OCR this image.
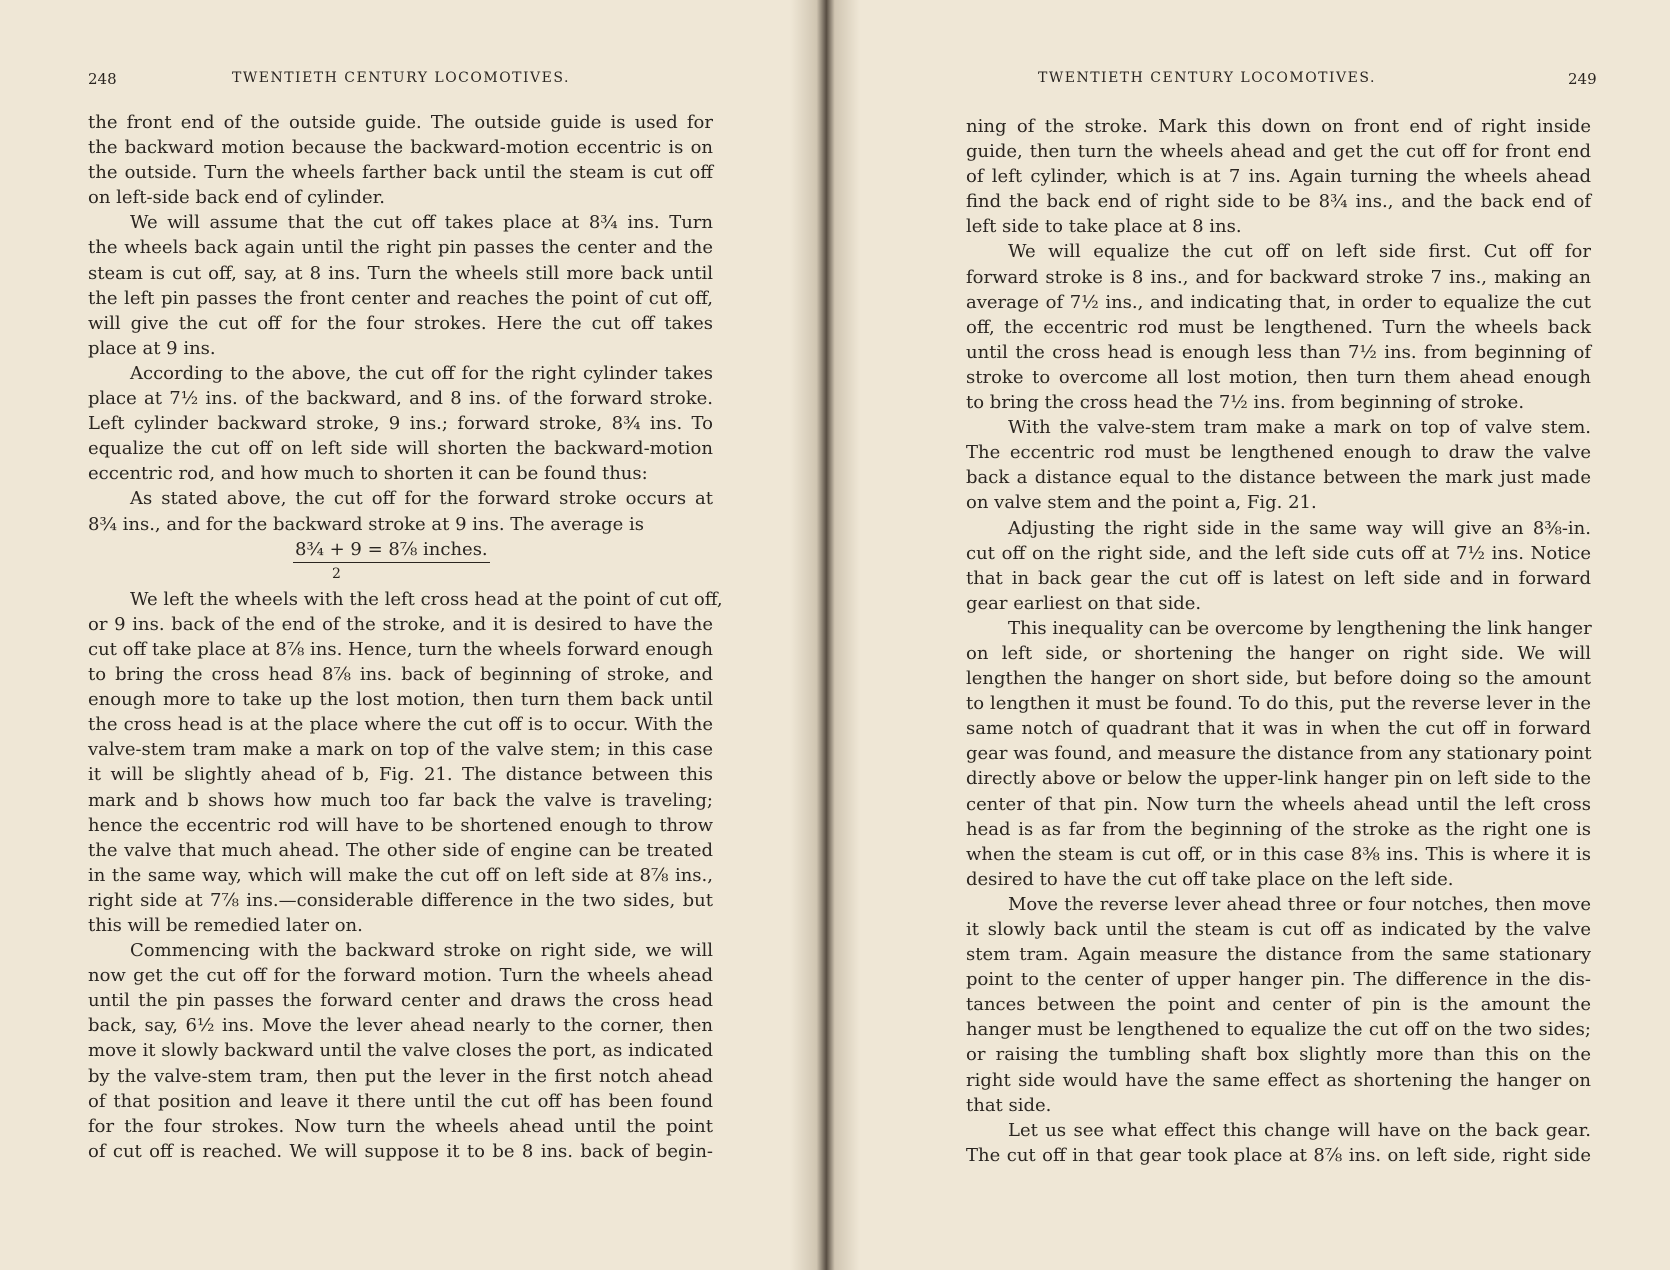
248	TWENTIETH CENTURY LOCOMOTIVES.
the front end of the outside guide. The outside guide is used for
the backward motion because the backward-motion eccentric is on
the outside. Turn the wheels farther back until the steam is cut off
on left-side back end of cylinder.
We will assume that the cut off takes place at 8¾ ins. Turn
the wheels back again until the right pin passes the center and the
steam is cut off, say, at 8 ins. Turn the wheels still more back until
the left pin passes the front center and reaches the point of cut off,
will give the cut off for the four strokes. Here the cut off takes
place at 9 ins.
According to the above, the cut off for the right cylinder takes
place at 7½ ins. of the backward, and 8 ins. of the forward stroke.
Left cylinder backward stroke, 9 ins.; forward stroke, 8¾ ins. To
equalize the cut off on left side will shorten the backward-motion
eccentric rod, and how much to shorten it can be found thus:
As stated above, the cut off for the forward stroke occurs at
8¾ ins., and for the backward stroke at 9 ins. The average is
8¾ + 9 = 8⅞ inches.
2
We left the wheels with the left cross head at the point of cut off,
or 9 ins. back of the end of the stroke, and it is desired to have the
cut off take place at 8⅞ ins. Hence, turn the wheels forward enough
to bring the cross head 8⅞ ins. back of beginning of stroke, and
enough more to take up the lost motion, then turn them back until
the cross head is at the place where the cut off is to occur. With the
valve-stem tram make a mark on top of the valve stem; in this case
it will be slightly ahead of b, Fig. 21. The distance between this
mark and b shows how much too far back the valve is traveling;
hence the eccentric rod will have to be shortened enough to throw
the valve that much ahead. The other side of engine can be treated
in the same way, which will make the cut off on left side at 8⅞ ins.,
right side at 7⅞ ins.—considerable difference in the two sides, but
this will be remedied later on.
Commencing with the backward stroke on right side, we will
now get the cut off for the forward motion. Turn the wheels ahead
until the pin passes the forward center and draws the cross head
back, say, 6½ ins. Move the lever ahead nearly to the corner, then
move it slowly backward until the valve closes the port, as indicated
by the valve-stem tram, then put the lever in the first notch ahead
of that position and leave it there until the cut off has been found
for the four strokes. Now turn the wheels ahead until the point
of cut off is reached. We will suppose it to be 8 ins. back of begin-
TWENTIETH CENTURY LOCOMOTIVES.	249
ning of the stroke. Mark this down on front end of right inside
guide, then turn the wheels ahead and get the cut off for front end
of left cylinder, which is at 7 ins. Again turning the wheels ahead
find the back end of right side to be 8¾ ins., and the back end of
left side to take place at 8 ins.
We will equalize the cut off on left side first. Cut off for
forward stroke is 8 ins., and for backward stroke 7 ins., making an
average of 7½ ins., and indicating that, in order to equalize the cut
off, the eccentric rod must be lengthened. Turn the wheels back
until the cross head is enough less than 7½ ins. from beginning of
stroke to overcome all lost motion, then turn them ahead enough
to bring the cross head the 7½ ins. from beginning of stroke.
With the valve-stem tram make a mark on top of valve stem.
The eccentric rod must be lengthened enough to draw the valve
back a distance equal to the distance between the mark just made
on valve stem and the point a, Fig. 21.
Adjusting the right side in the same way will give an 8⅜-in.
cut off on the right side, and the left side cuts off at 7½ ins. Notice
that in back gear the cut off is latest on left side and in forward
gear earliest on that side.
This inequality can be overcome by lengthening the link hanger
on left side, or shortening the hanger on right side. We will
lengthen the hanger on short side, but before doing so the amount
to lengthen it must be found. To do this, put the reverse lever in the
same notch of quadrant that it was in when the cut off in forward
gear was found, and measure the distance from any stationary point
directly above or below the upper-link hanger pin on left side to the
center of that pin. Now turn the wheels ahead until the left cross
head is as far from the beginning of the stroke as the right one is
when the steam is cut off, or in this case 8⅜ ins. This is where it is
desired to have the cut off take place on the left side.
Move the reverse lever ahead three or four notches, then move
it slowly back until the steam is cut off as indicated by the valve
stem tram. Again measure the distance from the same stationary
point to the center of upper hanger pin. The difference in the dis-
tances between the point and center of pin is the amount the
hanger must be lengthened to equalize the cut off on the two sides;
or raising the tumbling shaft box slightly more than this on the
right side would have the same effect as shortening the hanger on
that side.
Let us see what effect this change will have on the back gear.
The cut off in that gear took place at 8⅞ ins. on left side, right side
